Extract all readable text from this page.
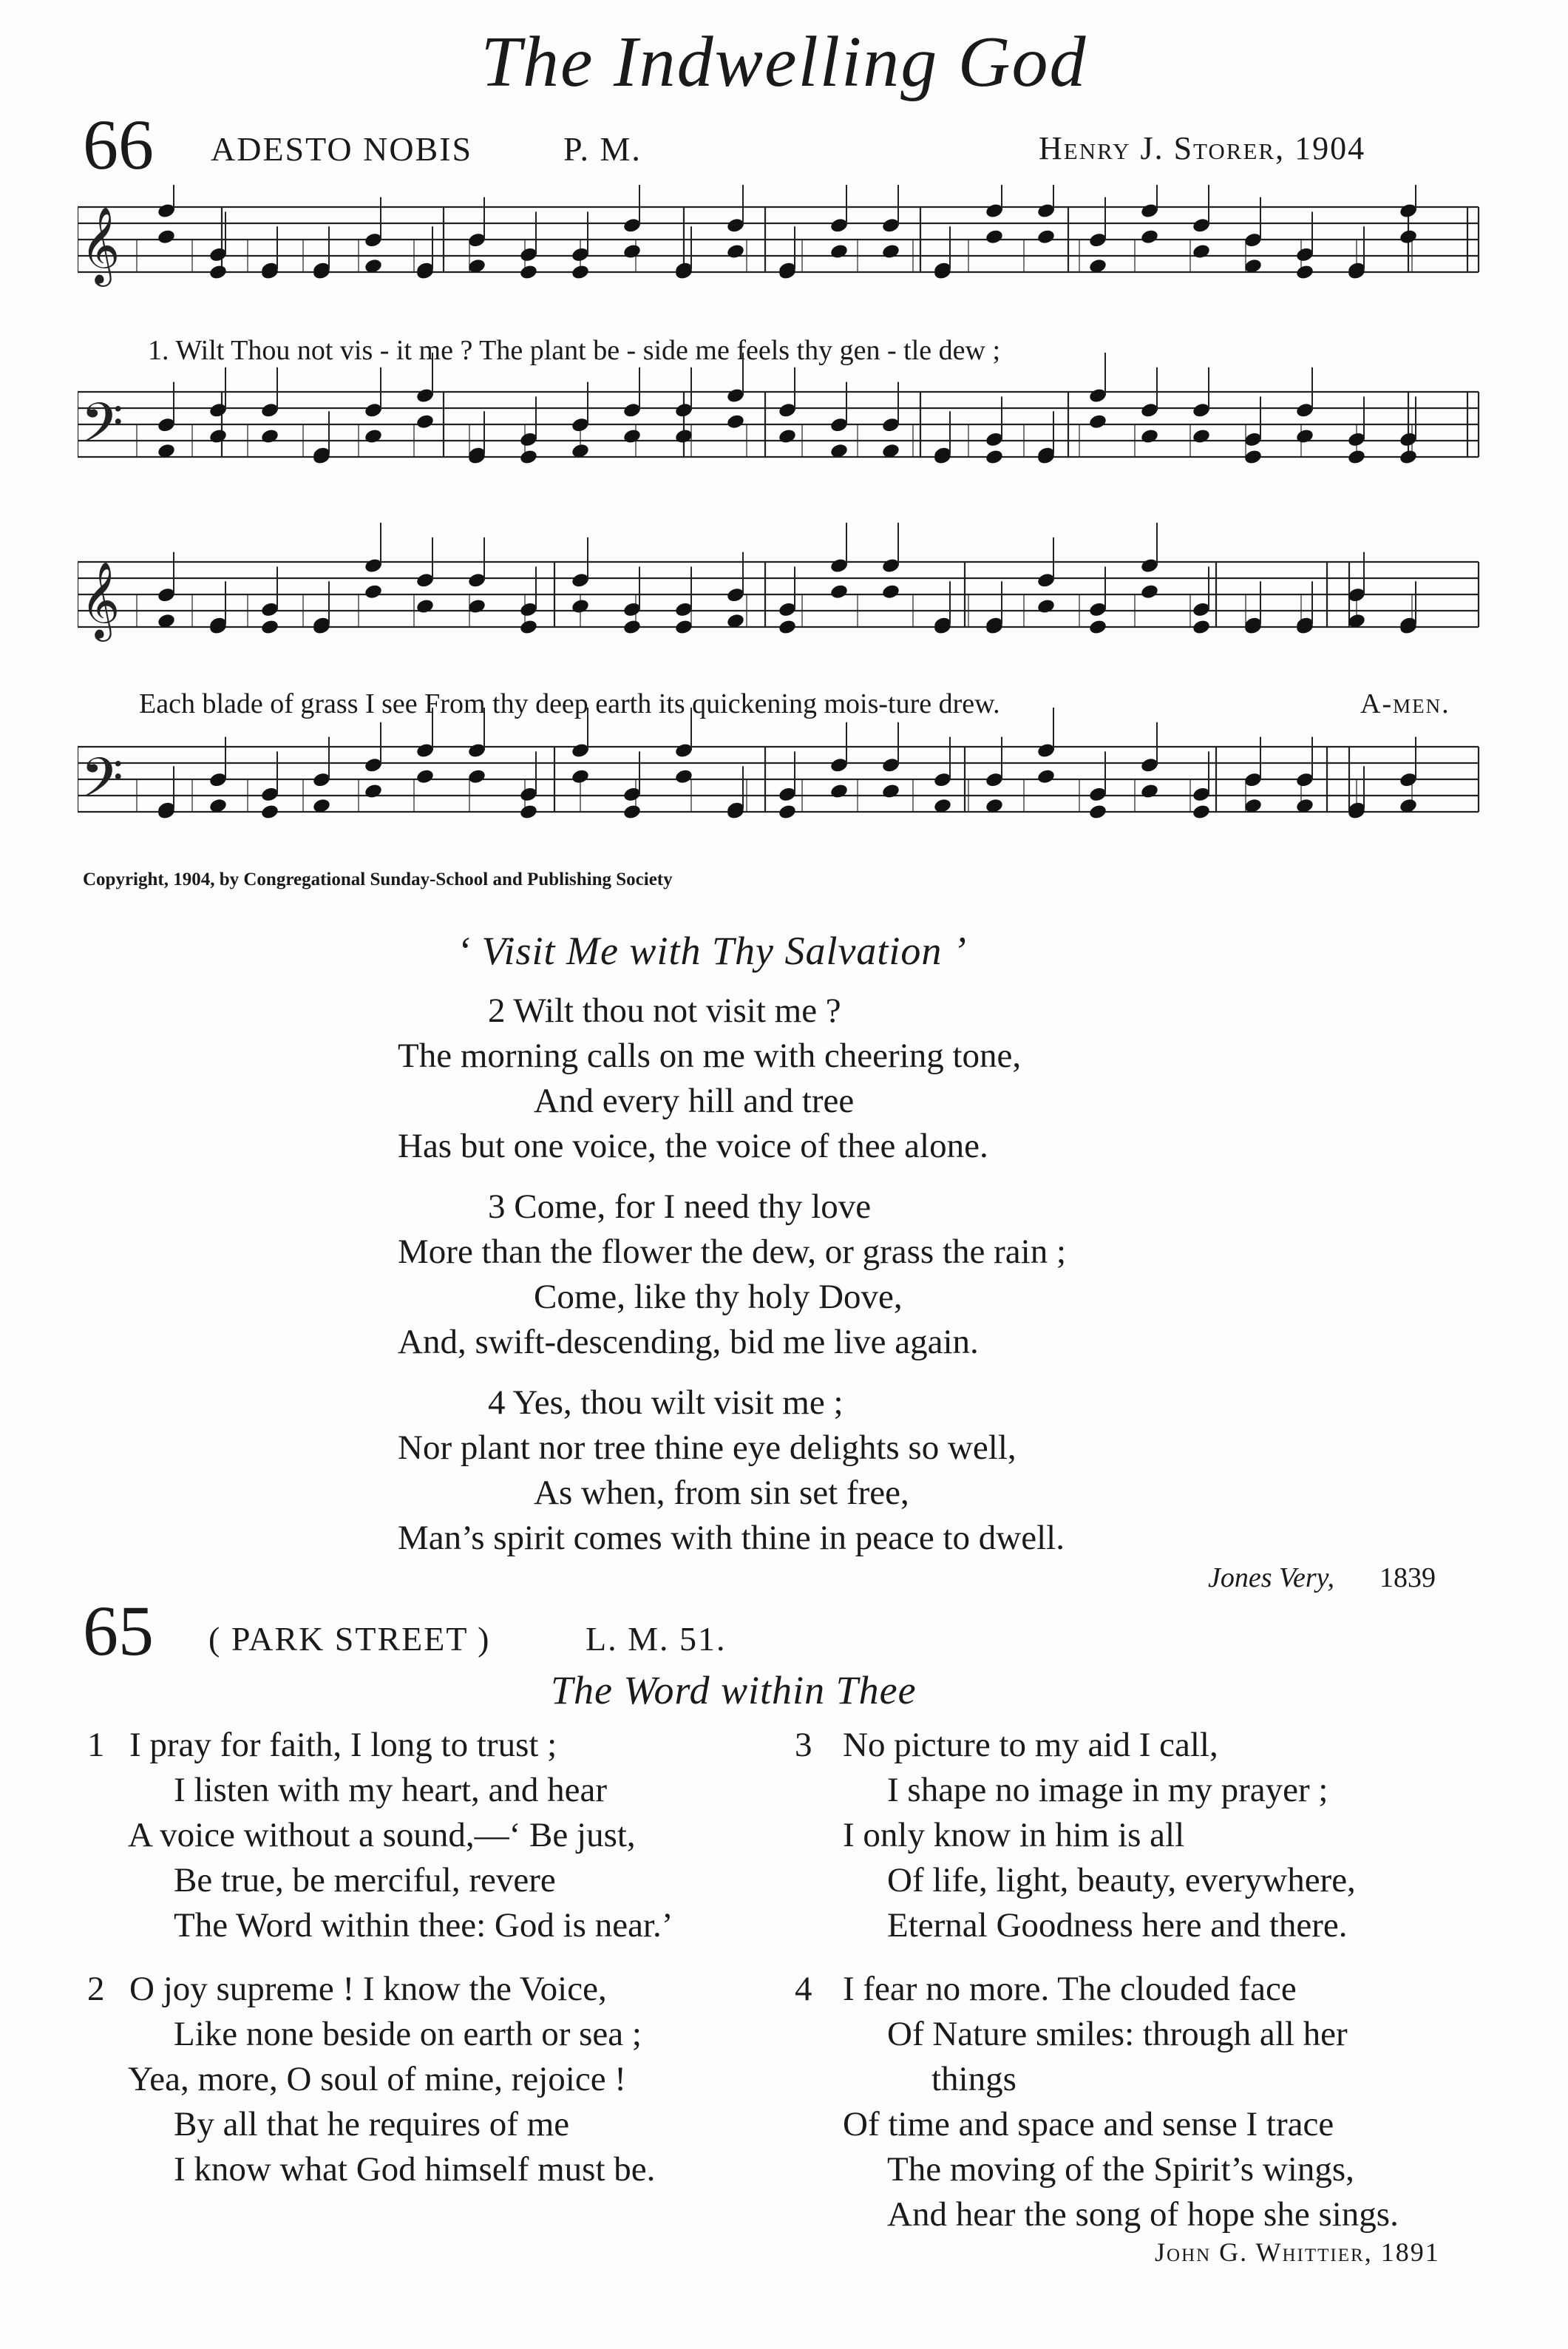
The Indwelling God
66 ADESTO NOBIS	P. M.	Henry J. Storer, 1904
𝄞
𝄢
𝄞
𝄢
1. Wilt Thou not vis - it me ? The plant be - side me feels thy gen - tle dew ;
Each blade of grass I see From thy deep earth its quickening mois-ture drew.	A-men.
Copyright, 1904, by Congregational Sunday-School and Publishing Society
‘ Visit Me with Thy Salvation ’
2 Wilt thou not visit me ?
The morning calls on me with cheering tone,
And every hill and tree
Has but one voice, the voice of thee alone.
3 Come, for I need thy love
More than the flower the dew, or grass the rain ;
Come, like thy holy Dove,
And, swift-descending, bid me live again.
4 Yes, thou wilt visit me ;
Nor plant nor tree thine eye delights so well,
As when, from sin set free,
Man’s spirit comes with thine in peace to dwell.
Jones Very, 1839
65 ( PARK STREET )	L. M. 51.
The Word within Thee
1 I pray for faith, I long to trust ;
I listen with my heart, and hear
A voice without a sound,—‘ Be just,
Be true, be merciful, revere
The Word within thee: God is near.’
2 O joy supreme ! I know the Voice,
Like none beside on earth or sea ;
Yea, more, O soul of mine, rejoice !
By all that he requires of me
I know what God himself must be.
3 No picture to my aid I call,
I shape no image in my prayer ;
I only know in him is all
Of life, light, beauty, everywhere,
Eternal Goodness here and there.
4 I fear no more. The clouded face
Of Nature smiles: through all her
things
Of time and space and sense I trace
The moving of the Spirit’s wings,
And hear the song of hope she sings.
John G. Whittier, 1891
